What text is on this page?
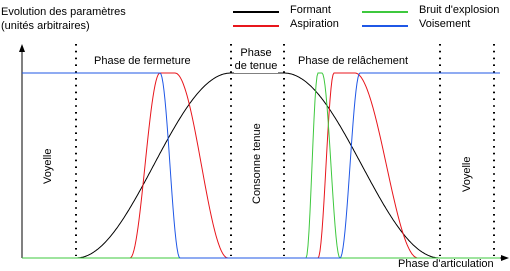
Evolution des paramètres
(unités arbitraires)
Formant
Aspiration
Bruit d'explosion
Voisement
Phase de fermeture
Phase
de tenue Phase de relâchement
Voyelle	Consonne tenue	Voyelle
Phase d'articulation
